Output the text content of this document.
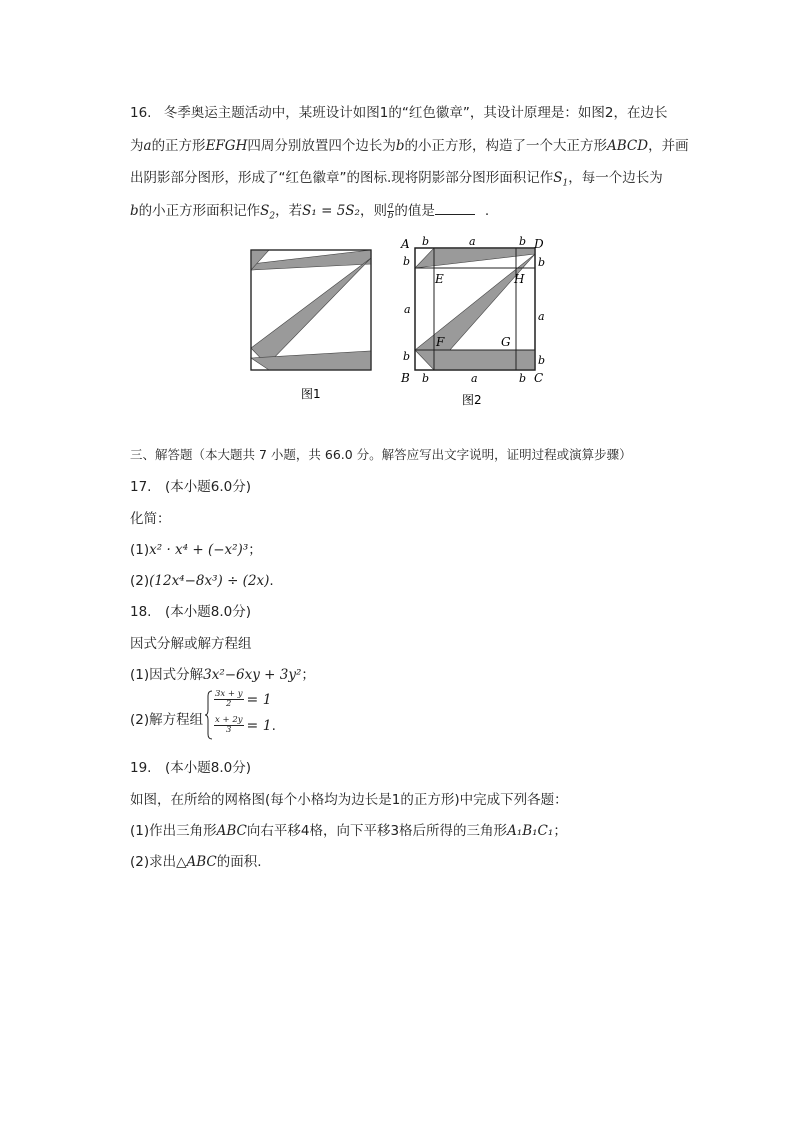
16. 冬季奥运主题活动中，某班设计如图1的“红色徽章”，其设计原理是：如图2，在边长
为a的正方形EFGH四周分别放置四个边长为b的小正方形，构造了一个大正方形ABCD，并画
出阴影部分图形，形成了“红色徽章”的图标.现将阴影部分图形面积记作$S_1$，每一个边长为
b的小正方形面积记作$S_2$，若S₁ = 5S₂，则 $\frac{a}{b}$ 的值是	.
图1
A	D
B	C
E	H
F	G
b	a	b
b	a	b
b
a
b
b
a
b
图2
三、解答题（本大题共 7 小题，共 66.0 分。解答应写出文字说明，证明过程或演算步骤）
17.　(本小题6.0分)
化简：
(1)x² · x⁴ + (−x²)³；
(2)(12x⁴−8x³) ÷ (2x).
18.　(本小题8.0分)
因式分解或解方程组
(1)因式分解3x²−6xy + 3y²；
(2)解方程组
$\frac{3x + y}{2} = 1$
$\frac{x + 2y}{3} = 1$ .
19.　(本小题8.0分)
如图，在所给的网格图(每个小格均为边长是1的正方形)中完成下列各题：
(1)作出三角形ABC向右平移4格，向下平移3格后所得的三角形A₁B₁C₁；
(2)求出△ABC的面积.
